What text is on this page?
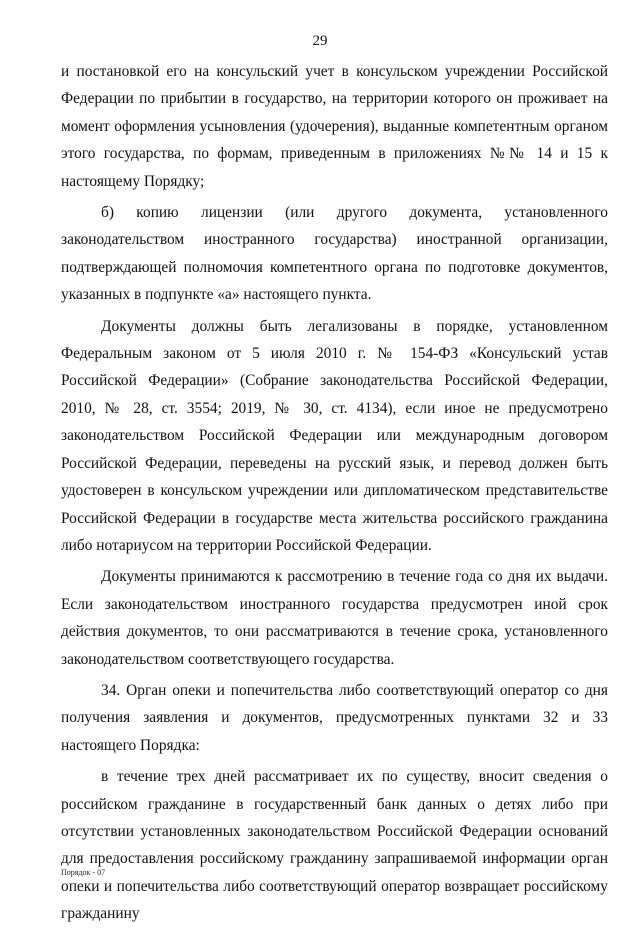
29

и постановкой его на консульский учет в консульском учреждении Российской Федерации по прибытии в государство, на территории которого он проживает на момент оформления усыновления (удочерения), выданные компетентным органом этого государства, по формам, приведенным в приложениях №№ 14 и 15 к настоящему Порядку;

б) копию лицензии (или другого документа, установленного законодательством иностранного государства) иностранной организации, подтверждающей полномочия компетентного органа по подготовке документов, указанных в подпункте «а» настоящего пункта.

Документы должны быть легализованы в порядке, установленном Федеральным законом от 5 июля 2010 г. № 154-ФЗ «Консульский устав Российской Федерации» (Собрание законодательства Российской Федерации, 2010, № 28, ст. 3554; 2019, № 30, ст. 4134), если иное не предусмотрено законодательством Российской Федерации или международным договором Российской Федерации, переведены на русский язык, и перевод должен быть удостоверен в консульском учреждении или дипломатическом представительстве Российской Федерации в государстве места жительства российского гражданина либо нотариусом на территории Российской Федерации.

Документы принимаются к рассмотрению в течение года со дня их выдачи. Если законодательством иностранного государства предусмотрен иной срок действия документов, то они рассматриваются в течение срока, установленного законодательством соответствующего государства.

34. Орган опеки и попечительства либо соответствующий оператор со дня получения заявления и документов, предусмотренных пунктами 32 и 33 настоящего Порядка:

в течение трех дней рассматривает их по существу, вносит сведения о российском гражданине в государственный банк данных о детях либо при отсутствии установленных законодательством Российской Федерации оснований для предоставления российскому гражданину запрашиваемой информации орган опеки и попечительства либо соответствующий оператор возвращает российскому гражданину

Порядок - 07
